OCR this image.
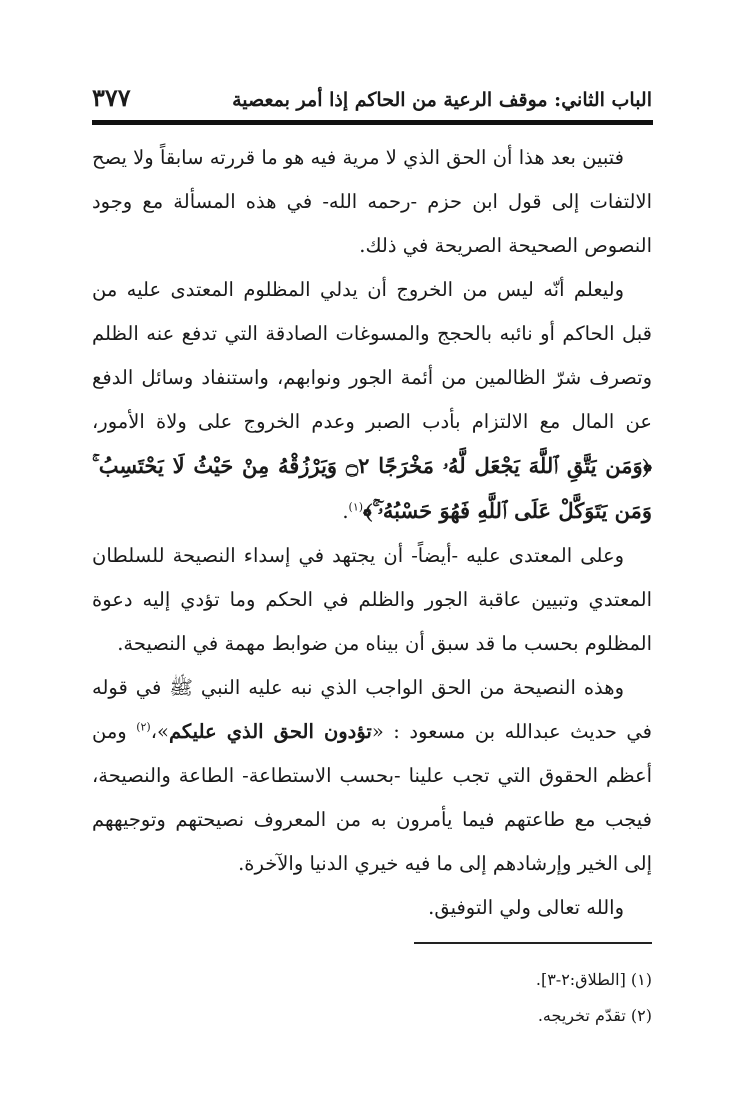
٣٧٧	الباب الثاني: موقف الرعية من الحاكم إذا أمر بمعصية

فتبين بعد هذا أن الحق الذي لا مرية فيه هو ما قررته سابقاً ولا يصح الالتفات إلى قول ابن حزم -رحمه الله- في هذه المسألة مع وجود النصوص الصحيحة الصريحة في ذلك.

وليعلم أنّه ليس من الخروج أن يدلي المظلوم المعتدى عليه من قبل الحاكم أو نائبه بالحجج والمسوغات الصادقة التي تدفع عنه الظلم وتصرف شرّ الظالمين من أئمة الجور ونوابهم، واستنفاد وسائل الدفع عن المال مع الالتزام بأدب الصبر وعدم الخروج على ولاة الأمور، ﴿وَمَن يَتَّقِ ٱللَّهَ يَجْعَل لَّهُۥ مَخْرَجًا ۝٢ وَيَرْزُقْهُ مِنْ حَيْثُ لَا يَحْتَسِبُ ۚ وَمَن يَتَوَكَّلْ عَلَى ٱللَّهِ فَهُوَ حَسْبُهُۥٓ ۚ﴾$^{(١)}$.

وعلى المعتدى عليه -أيضاً- أن يجتهد في إسداء النصيحة للسلطان المعتدي وتبيين عاقبة الجور والظلم في الحكم وما تؤدي إليه دعوة المظلوم بحسب ما قد سبق أن بيناه من ضوابط مهمة في النصيحة.

وهذه النصيحة من الحق الواجب الذي نبه عليه النبي ﷺ في قوله في حديث عبدالله بن مسعود : «تؤدون الحق الذي عليكم»،$^{(٢)}$ ومن أعظم الحقوق التي تجب علينا -بحسب الاستطاعة- الطاعة والنصيحة، فيجب مع طاعتهم فيما يأمرون به من المعروف نصيحتهم وتوجيههم إلى الخير وإرشادهم إلى ما فيه خيري الدنيا والآخرة.

والله تعالى ولي التوفيق.

(١) [الطلاق:٢-٣].
(٢) تقدّم تخريجه.
